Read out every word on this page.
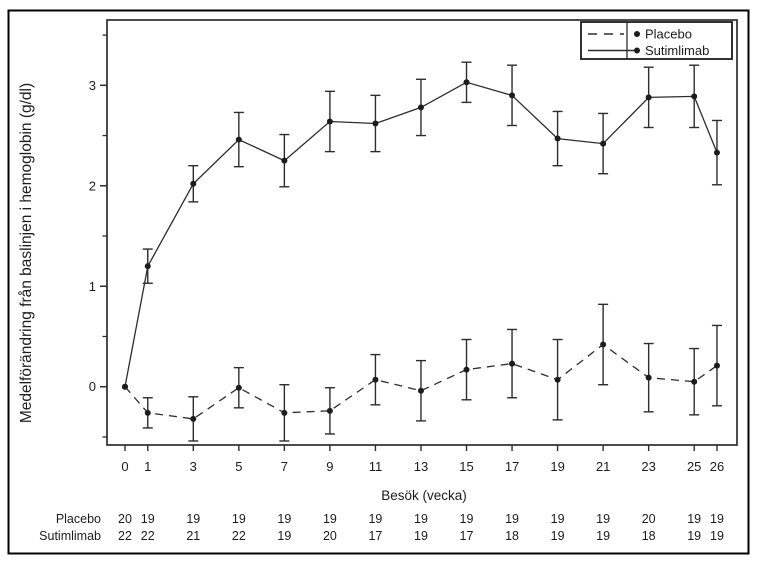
0
1
2
3
0 1	3	5	7	9	11 13 15 17 19 21 23 25 26
Placebo
Sutimlimab
Placebo 20 19	19	19	19	19	19	19	19	19	19	19	20	19 19
Sutimlimab 22 22	21	22	19	20	17	19	17	18	19	19	18	19 19
Besök (vecka)
Medelförändring från baslinjen i hemoglobin (g/dl)
